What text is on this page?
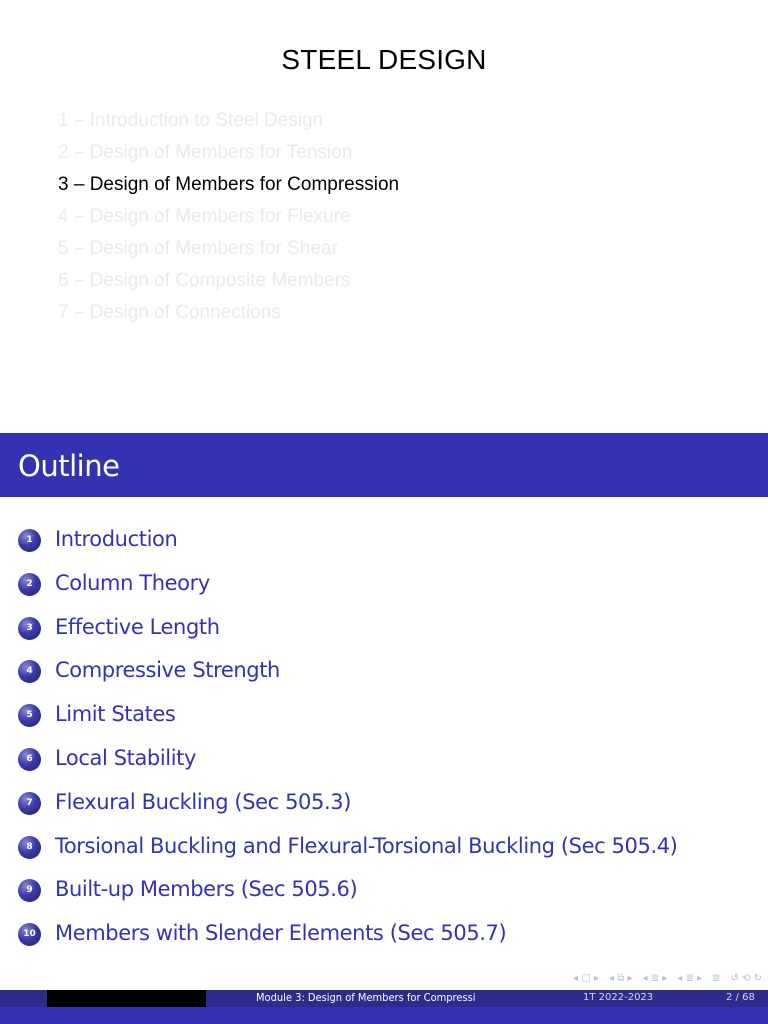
STEEL DESIGN
1 – Introduction to Steel Design
2 – Design of Members for Tension
3 – Design of Members for Compression
4 – Design of Members for Flexure
5 – Design of Members for Shear
6 – Design of Composite Members
7 – Design of Connections
Outline
1	Introduction
2	Column Theory
3	Effective Length
4	Compressive Strength
5	Limit States
6	Local Stability
7	Flexural Buckling (Sec 505.3)
8	Torsional Buckling and Flexural-Torsional Buckling (Sec 505.4)
9	Built-up Members (Sec 505.6)
10 Members with Slender Elements (Sec 505.7)
◂ □ ▸ ◂ ⧉ ▸ ◂ ≣ ▸ ◂ ≣ ▸ ≣ ↺ ⟲ ↻
Module 3: Design of Members for Compressi	1T 2022-2023	2 / 68
